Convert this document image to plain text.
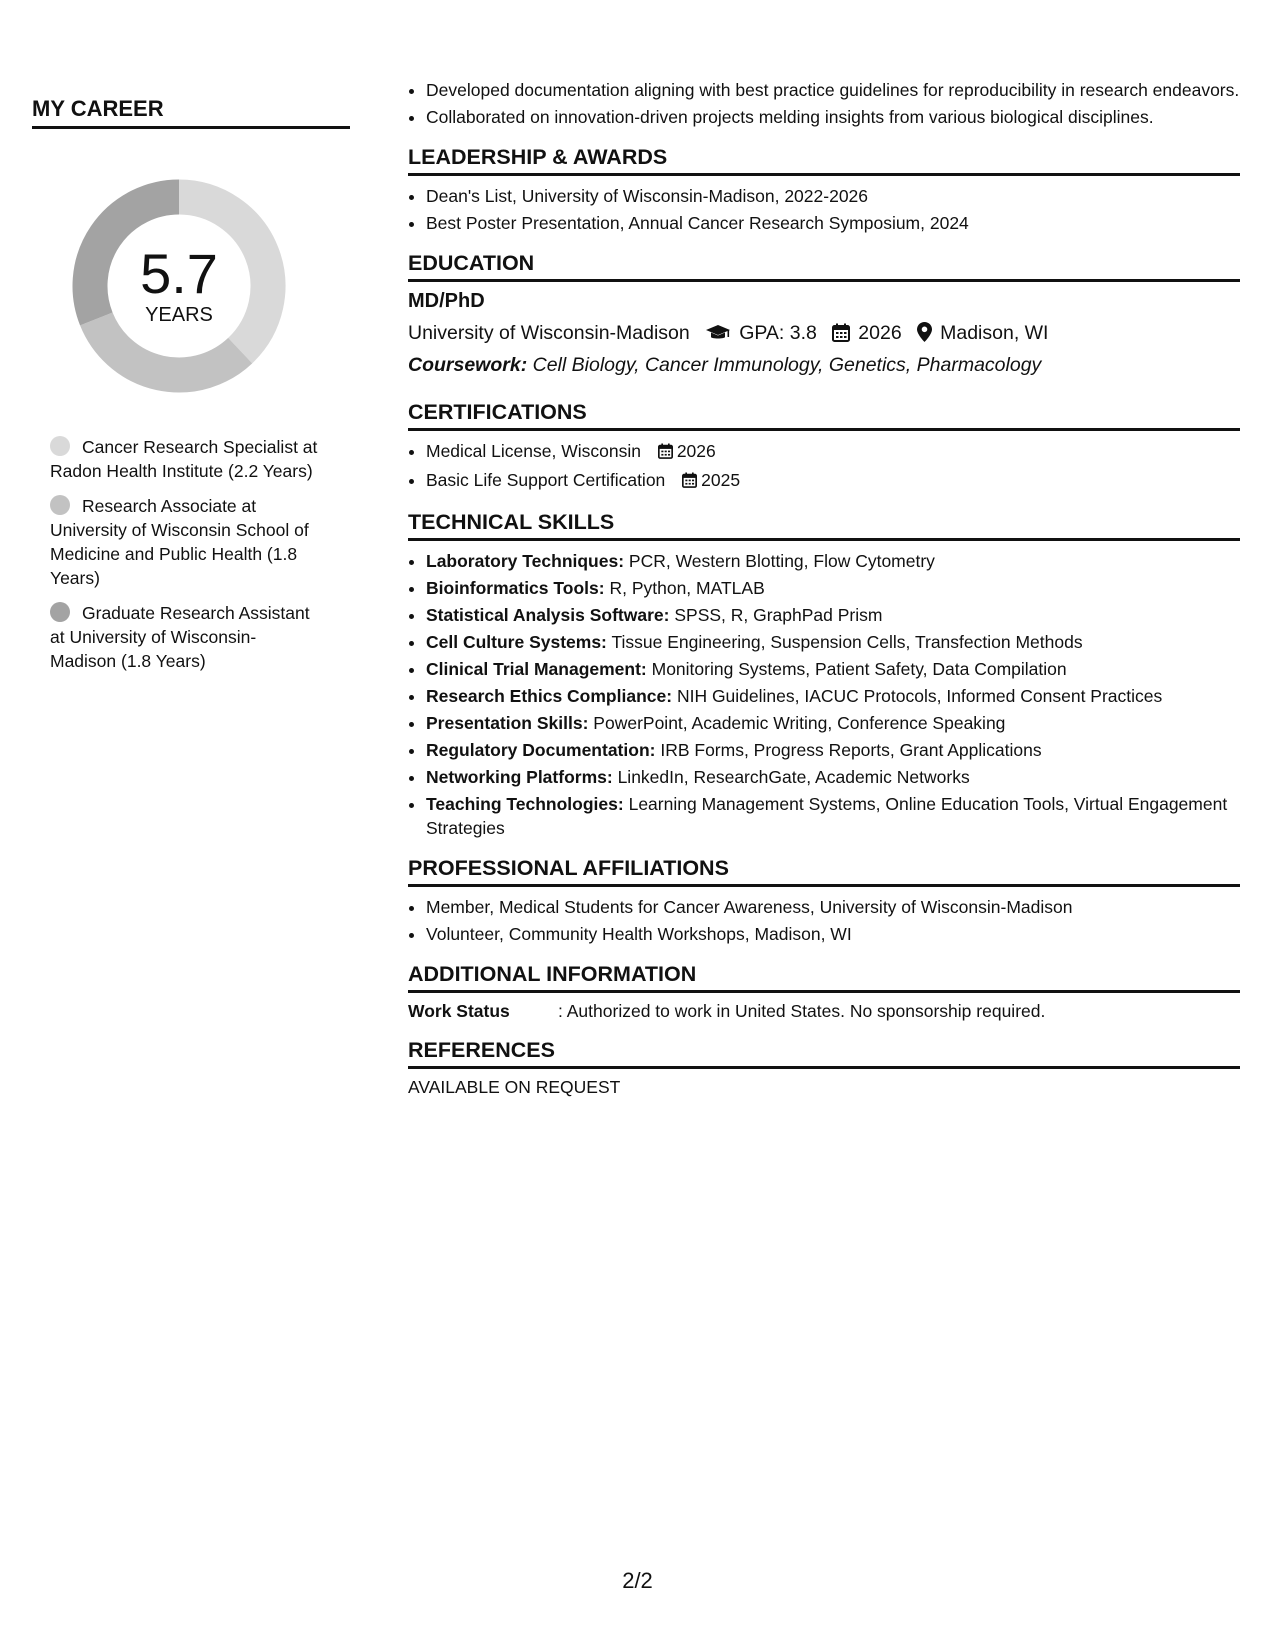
MY CAREER
5.7
YEARS
Cancer Research Specialist at Radon Health Institute (2.2 Years)
Research Associate at University of Wisconsin School of Medicine and Public Health (1.8 Years)
Graduate Research Assistant at University of Wisconsin-Madison (1.8 Years)
• Developed documentation aligning with best practice guidelines for reproducibility in research endeavors.
• Collaborated on innovation-driven projects melding insights from various biological disciplines.
LEADERSHIP & AWARDS
• Dean's List, University of Wisconsin-Madison, 2022-2026
• Best Poster Presentation, Annual Cancer Research Symposium, 2024
EDUCATION
MD/PhD
University of Wisconsin-Madison	GPA: 3.8 2026 Madison, WI
Coursework: Cell Biology, Cancer Immunology, Genetics, Pharmacology
CERTIFICATIONS
• Medical License, Wisconsin 2026
• Basic Life Support Certification 2025
TECHNICAL SKILLS
• Laboratory Techniques: PCR, Western Blotting, Flow Cytometry
• Bioinformatics Tools: R, Python, MATLAB
• Statistical Analysis Software: SPSS, R, GraphPad Prism
• Cell Culture Systems: Tissue Engineering, Suspension Cells, Transfection Methods
• Clinical Trial Management: Monitoring Systems, Patient Safety, Data Compilation
• Research Ethics Compliance: NIH Guidelines, IACUC Protocols, Informed Consent Practices
• Presentation Skills: PowerPoint, Academic Writing, Conference Speaking
• Regulatory Documentation: IRB Forms, Progress Reports, Grant Applications
• Networking Platforms: LinkedIn, ResearchGate, Academic Networks
• Teaching Technologies: Learning Management Systems, Online Education Tools, Virtual Engagement Strategies
PROFESSIONAL AFFILIATIONS
• Member, Medical Students for Cancer Awareness, University of Wisconsin-Madison
• Volunteer, Community Health Workshops, Madison, WI
ADDITIONAL INFORMATION
Work Status	: Authorized to work in United States. No sponsorship required.
REFERENCES
AVAILABLE ON REQUEST
2/2
